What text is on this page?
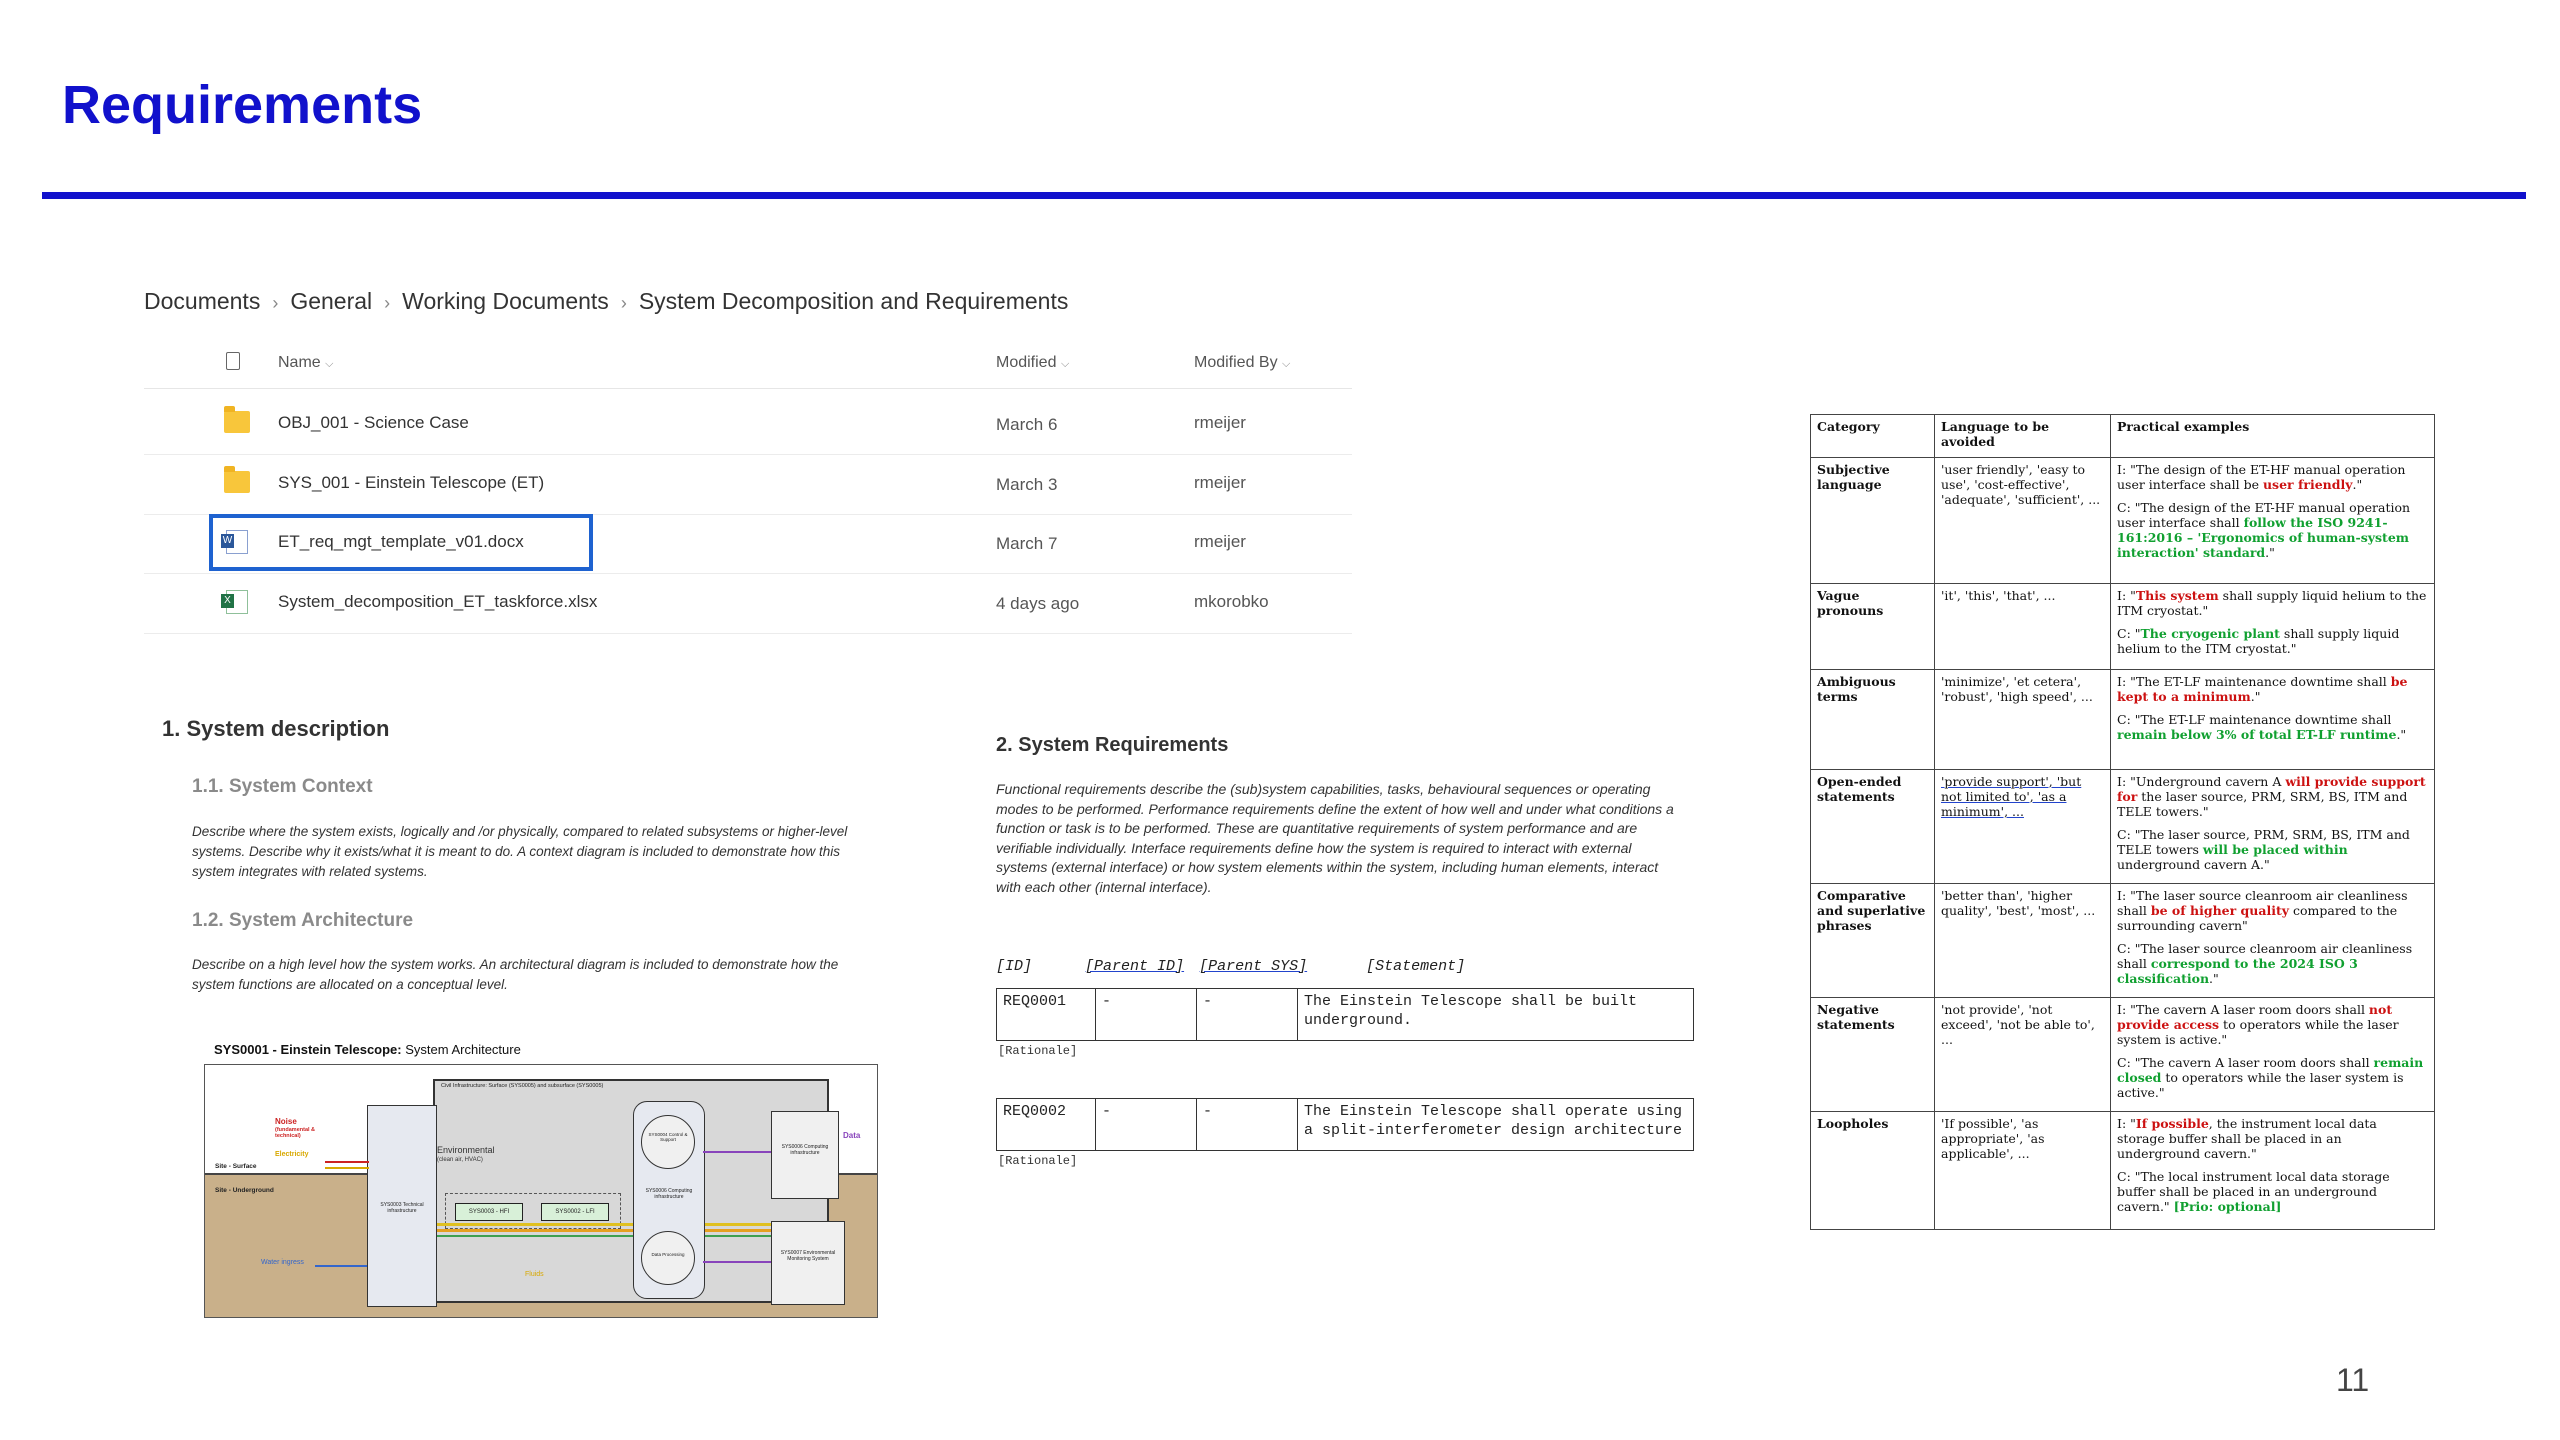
Requirements
Documents › General › Working Documents › System Decomposition and Requirements
Name ⌵	Modified ⌵	Modified By ⌵
OBJ_001 - Science Case	March 6	rmeijer
SYS_001 - Einstein Telescope (ET)	March 3	rmeijer
W
ET_req_mgt_template_v01.docx	March 7	rmeijer
X
System_decomposition_ET_taskforce.xlsx	4 days ago	mkorobko
1. System description
1.1. System Context
Describe where the system exists, logically and /or physically, compared to related subsystems or higher-level systems. Describe why it exists/what it is meant to do. A context diagram is included to demonstrate how this system integrates with related systems.
1.2. System Architecture
Describe on a high level how the system works. An architectural diagram is included to demonstrate how the system functions are allocated on a conceptual level.
SYS0001 - Einstein Telescope: System Architecture
Civil Infrastructure: Surface (SYS0005) and subsurface (SYS0005)
SYS0003 Technical infrastructure
Noise
(fundamental & technical)
Electricity
Site - Surface
Site - Underground
Water ingress
Environmental
(clean air, HVAC)
SYS0003 - HFI	SYS0002 - LFI
Fluids
SYS0006 Computing infrastructure
SYS0004 Control & Support
Data Processing
SYS0006 Computing infrastructure
SYS0007 Environmental Monitoring System
Data
2. System Requirements
Functional requirements describe the (sub)system capabilities, tasks, behavioural sequences or operating modes to be performed. Performance requirements define the extent of how well and under what conditions a function or task is to be performed. These are quantitative requirements of system performance and are verifiable individually. Interface requirements define how the system is required to interact with external systems (external interface) or how system elements within the system, including human elements, interact with each other (internal interface).
[ID]	[Parent ID] [Parent SYS]	[Statement]
REQ0001	-	-	The Einstein Telescope shall be built underground.
[Rationale]
REQ0002	-	-	The Einstein Telescope shall operate using a split-interferometer design architecture
[Rationale]
Category	Language to be avoided	Practical examples
Subjective language	'user friendly', 'easy to use', 'cost-effective', 'adequate', 'sufficient', ...	I: "The design of the ET-HF manual operation user interface shall be user friendly."

C: "The design of the ET-HF manual operation user interface shall follow the ISO 9241-161:2016 – 'Ergonomics of human-system interaction' standard."

Vague pronouns	'it', 'this', 'that', ...	I: "This system shall supply liquid helium to the ITM cryostat."

C: "The cryogenic plant shall supply liquid helium to the ITM cryostat."

Ambiguous terms	'minimize', 'et cetera', 'robust', 'high speed', ...	I: "The ET-LF maintenance downtime shall be kept to a minimum."

C: "The ET-LF maintenance downtime shall remain below 3% of total ET-LF runtime."

Open-ended statements	'provide support', 'but not limited to', 'as a minimum', ...	I: "Underground cavern A will provide support for the laser source, PRM, SRM, BS, ITM and TELE towers."

C: "The laser source, PRM, SRM, BS, ITM and TELE towers will be placed within underground cavern A."

Comparative and superlative phrases	'better than', 'higher quality', 'best', 'most', ...	I: "The laser source cleanroom air cleanliness shall be of higher quality compared to the surrounding cavern"

C: "The laser source cleanroom air cleanliness shall correspond to the 2024 ISO 3 classification."

Negative statements	'not provide', 'not exceed', 'not be able to', ...	I: "The cavern A laser room doors shall not provide access to operators while the laser system is active."

C: "The cavern A laser room doors shall remain closed to operators while the laser system is active."

Loopholes	'If possible', 'as appropriate', 'as applicable', ...	I: "If possible, the instrument local data storage buffer shall be placed in an underground cavern."

C: "The local instrument local data storage buffer shall be placed in an underground cavern." [Prio: optional]

11
